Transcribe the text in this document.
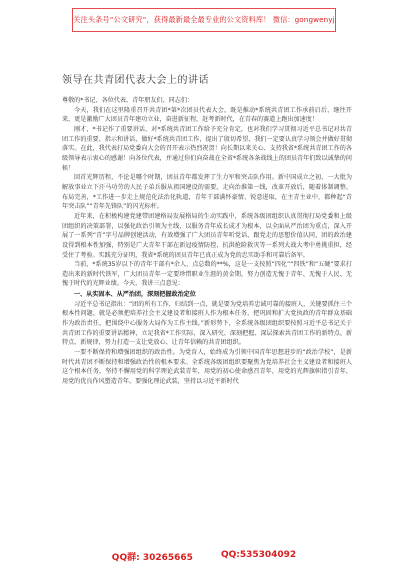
关注头条号“公文研究”，获得最新最全最专业的公文资料库！ 微信：gongwenyj
领导在共青团代表大会上的讲话

尊敬的*书记、各位代表、青年朋友们、同志们：

今天，我们在这里隆重召开共青团*第*次团员代表大会，既是推动*系统共青团工作承前启后、继往开来，更是激励广大团员青年建功立业，奋进新征程，赶考新时代，在青春的赛道上跑出加速度！

刚才，*书记作了重要讲话，对*系统共青团工作给予充分肯定，也对我们学习贯彻习近平总书记对共青团工作的重要、指示和讲话，做好*系统共青团工作，提出了殷切希望，我们一定要认真学习领会并做好贯彻落实。在此，我代表打局党委向大会的召开表示热烈祝贺！向长期以来关心、支持我省*系统共青团工作的各级领导表示衷心的感谢！向各位代表，并通过你们向奋战在全省*系统各条战线上的团员青年们致以诚挚的问候！

回首光辉历程，不论是哪个时期，团员青年都发挥了生力军和突击队作用。新中国成立之初，一大批为解放事业立下汗马功劳的人民子弟兵服从祖国建设的需要，走向治淮第一线，改革开放后，随着体制调整、布局完善，*工作进一步走上规范化法治化轨道，青年干部满怀豪情、锐意进取，在主青主业中，都种起“青年突击队”“青年先锋队”的闪光标杆。

近年来，在积极构建党建带团建格局发展格局的生动实践中，系统各级团组织认真贯彻打局党委和上级团组织的决策部署，以强化政治引领为主线，以服务青年成长成才为根本，以全面从严治团为重点，深入开展了一系列“青”字号品牌创建活动，有效增强了广大团员青年听党话、跟党走的思想价值认同，团的政治建设得到根本性加强，特别是广大青年干部在新冠疫情防控、抗洪抢险救灾等一系列大战大考中勇挑重担，经受住了考验。实践充分证明，我省*系统的团员青年已真正成为党的忠实助手和可靠后备军。

当前，*系统35岁以下的青年干部有*余人，点总数的**%，这是一支按照“四化”“四铁”和“五硬”要求打造出来的新时代铁军，广大团员青年一定要珍惜职业生涯的黄金期，努力创造无愧于青年、无愧于人民、无愧于时代的光辉业绩。今天，我讲三点意见：

一、从实固本、从严治团，深刻把握政治定位

习近平总书记指出：“团的所有工作，归结到一点，就是要为党培养忠诚可靠的接班人，关键要抓住三个根本性问题，就是必须把培养社会主义建设者和接班人作为根本任务，把巩固和扩大党执政的青年群众基础作为政治责任，把围绕中心服务大局作为工作主线。”新形势下，全系统各级团组织要按照习近平总书记关于共青团工作的重要讲话精神，立足我省*工作实际，深入研究、深刻把握、深层探索共青团工作的新特点、新特点、新规律，努力打造一支让党放心、让青年信赖的共青团组织。

一要不断保持和增强团组织的政治性。为党育人，始终成为引领中国青年思想进步的“政治学校”，是新时代共青团不断保持和增强政治性的根本要求。全系统各级团组织要聚焦为党培养社会主义建设者和接班人这个根本任务，坚持不懈用党的科学理论武装青年，用党的初心使命感召青年，用党的光辉旗帜指引青年，用党的优良作风塑造青年。要强化理论武装，坚持以习近平新时代

QQ群: 30265665	QQ:535304092
